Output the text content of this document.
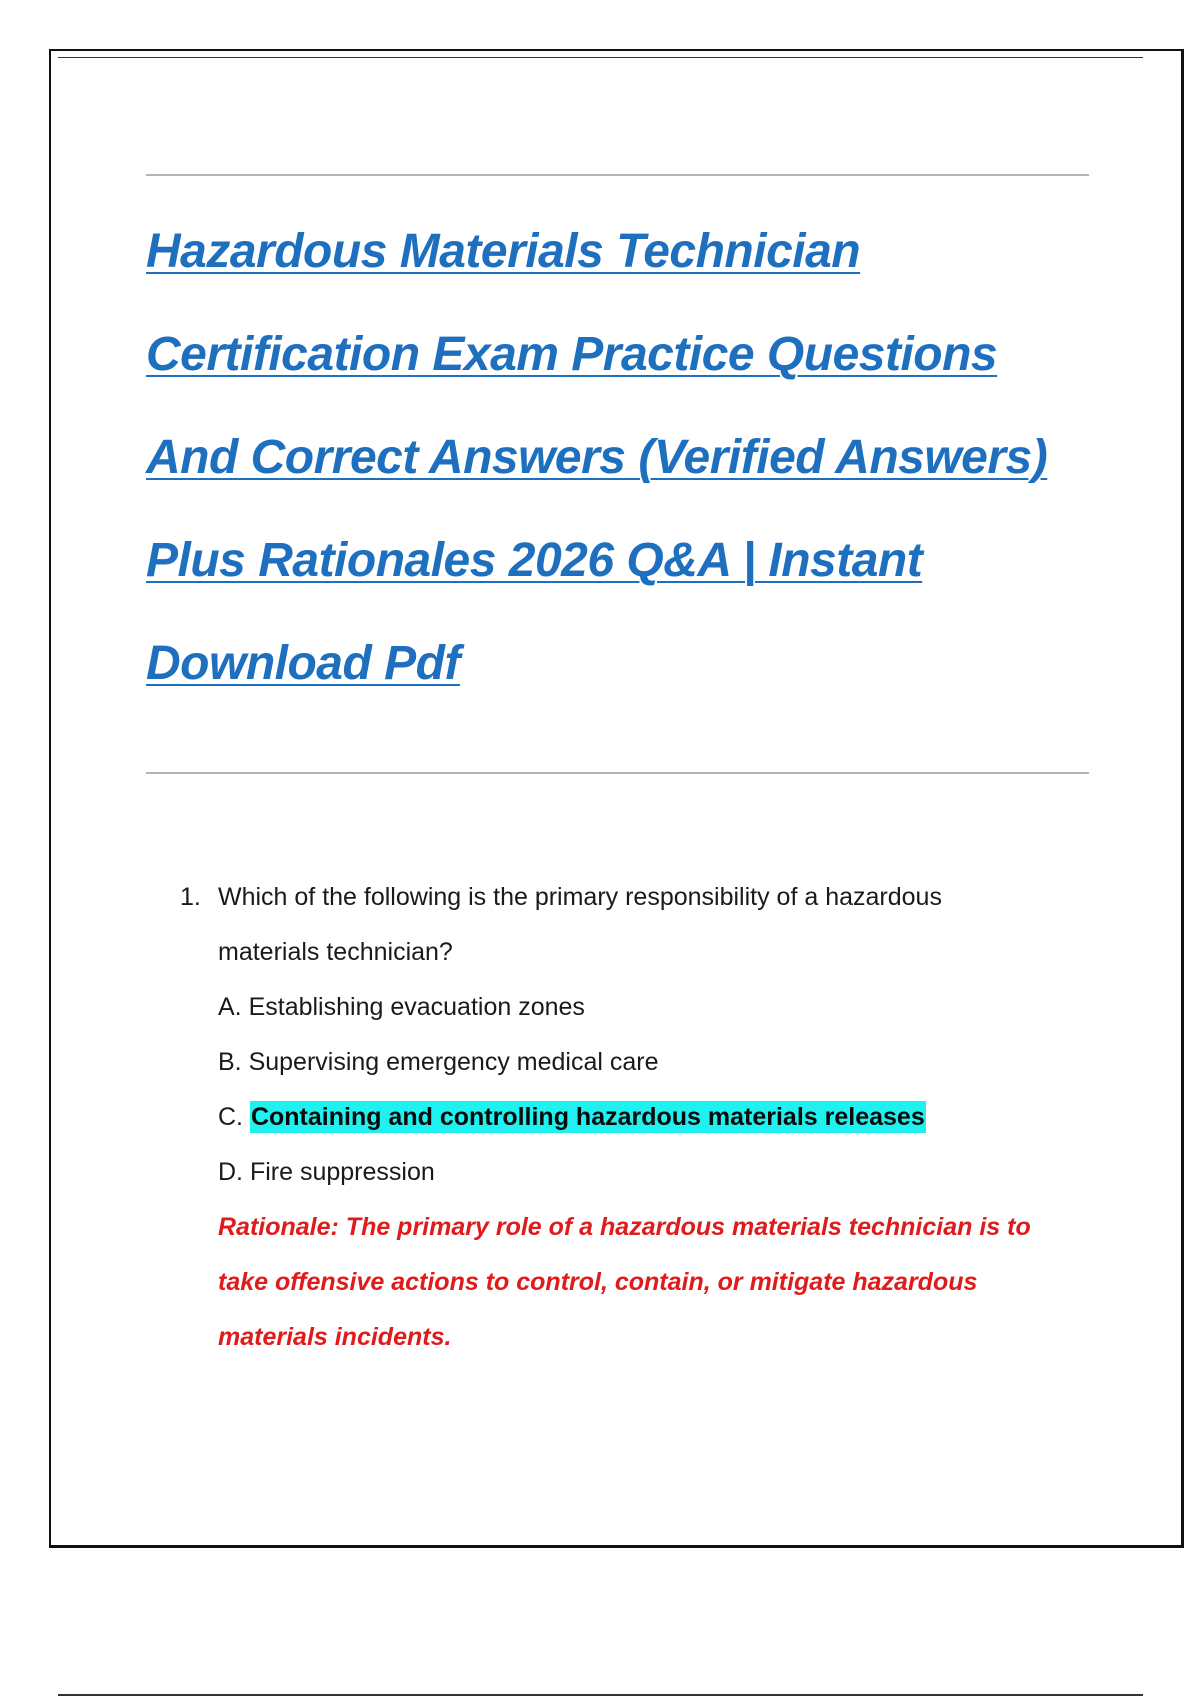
Hazardous Materials Technician
Certification Exam Practice Questions
And Correct Answers (Verified Answers)
Plus Rationales 2026 Q&A | Instant
Download Pdf
1. Which of the following is the primary responsibility of a hazardous
materials technician?
A. Establishing evacuation zones
B. Supervising emergency medical care
C. Containing and controlling hazardous materials releases
D. Fire suppression
Rationale: The primary role of a hazardous materials technician is to
take offensive actions to control, contain, or mitigate hazardous
materials incidents.
